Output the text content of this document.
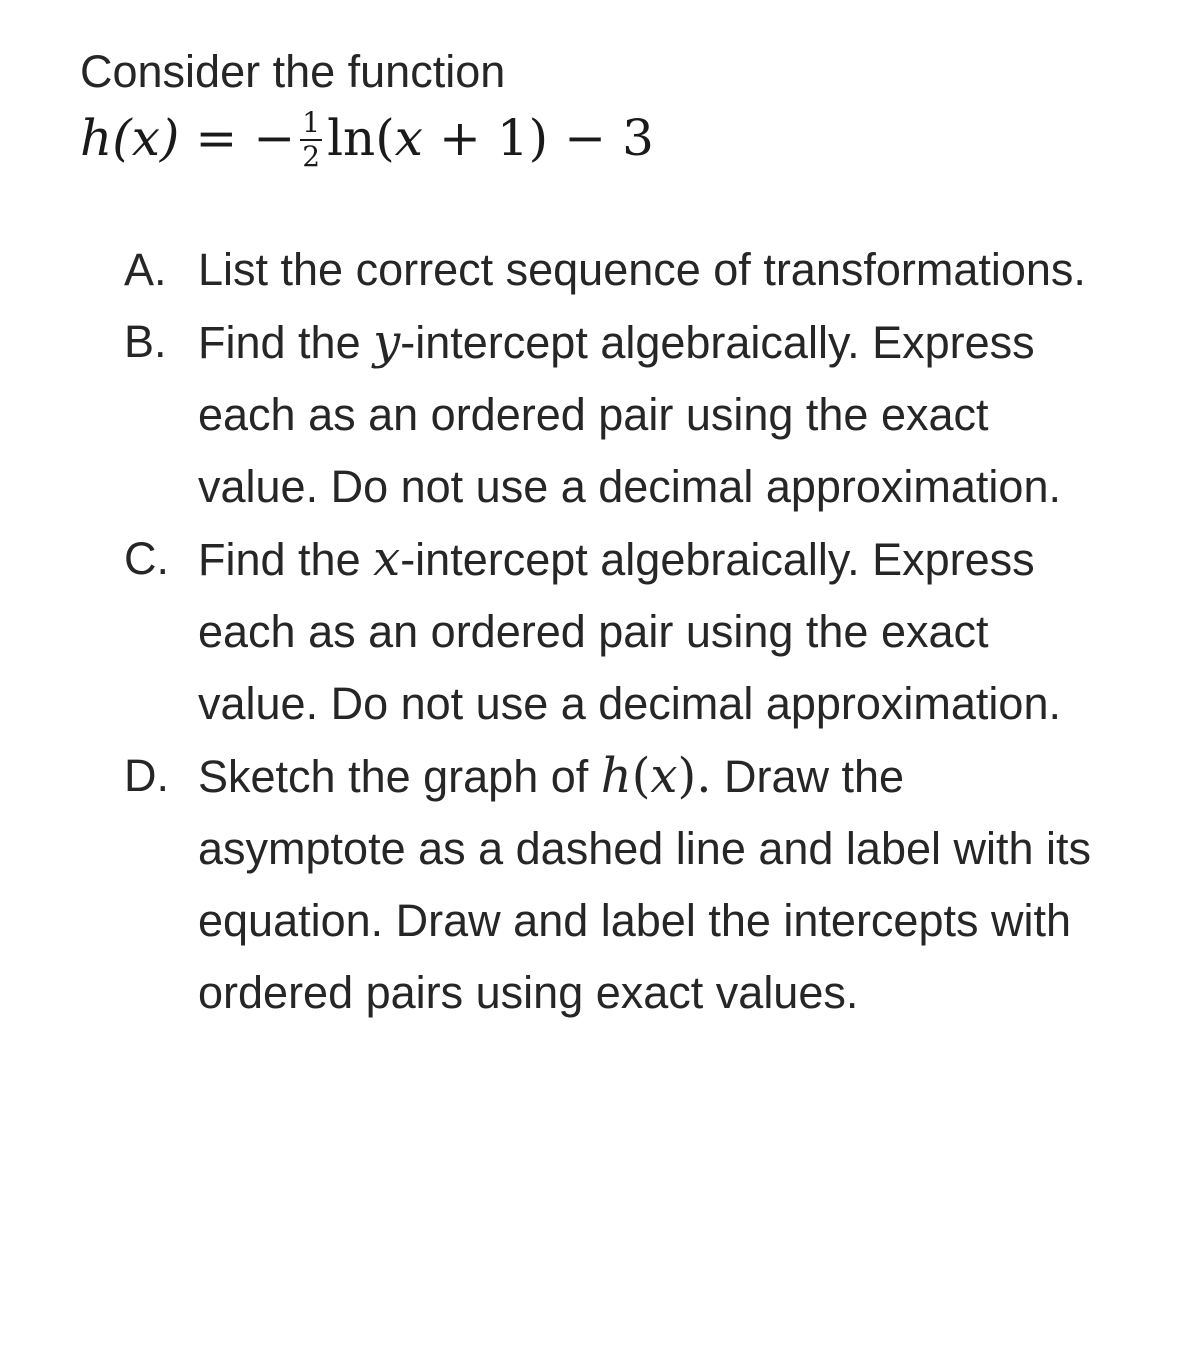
Consider the function

h(x) = − $\frac{1}{2} \ln$( x + 1) − 3
A. List the correct sequence of transformations.
B. Find the y-intercept algebraically. Express each as an ordered pair using the exact value. Do not use a decimal approximation.
C. Find the x-intercept algebraically. Express each as an ordered pair using the exact value. Do not use a decimal approximation.
D. Sketch the graph of h(x). Draw the asymptote as a dashed line and label with its equation. Draw and label the intercepts with ordered pairs using exact values.
